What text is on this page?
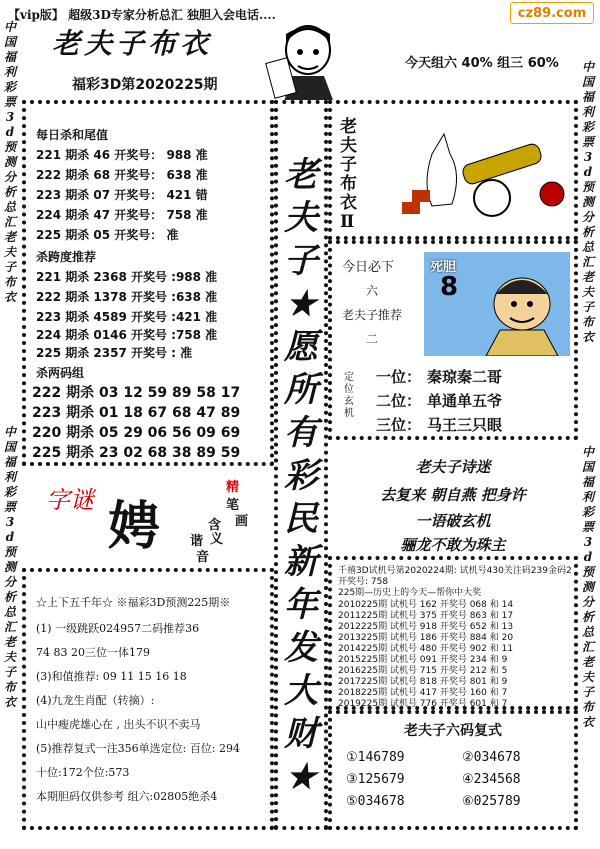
【vip版】 超级3D专家分析总汇 独胆入会电话....	cz89.com
老夫子布衣
福彩3D第2020225期
今天组六 40% 组三 60%
中
国
福
利
彩
票
3
d
预
测
分
析
总
汇
老
夫
子
布
衣
中
国
福
利
彩
票
3
d
预
测
分
析
总
汇
老
夫
子
布
衣
中
国
福
利
彩
票
3
d
预
测
分
析
总
汇
老
夫
子
布
衣
中
国
福
利
彩
票
3
d
预
测
分
析
总
汇
老
夫
子
布
衣
每日杀和尾值
221 期杀 46 开奖号： 988 准
222 期杀 68 开奖号： 638 准
223 期杀 07 开奖号： 421 错
224 期杀 47 开奖号： 758 准
225 期杀 05 开奖号： 准
杀跨度推荐
221 期杀 2368 开奖号 :988 准
222 期杀 1378 开奖号 :638 准
223 期杀 4589 开奖号 :421 准
224 期杀 0146 开奖号 :758 准
225 期杀 2357 开奖号 : 准
杀两码组
222 期杀 03 12 59 89 58 17
223 期杀 01 18 67 68 47 89
220 期杀 05 29 06 56 09 69
225 期杀 23 02 68 38 89 59
字谜 娉
精
笔
画
含
义
谐
音
☆上下五千年☆ ※福彩3D预测225期※
(1) 一级跳跃024957二码推荐36
74 83 20三位一体179
(3)和值推荐: 09 11 15 16 18
(4)九龙生肖配（转摘）:
山中瘦虎雄心在 , 出头不识不卖马
(5)推荐复式一注356单选定位: 百位: 294
十位:172个位:573
本期胆码仅供参考 组六:02805绝杀4
老
夫
子
★
愿
所
有
彩
民
新
年
发
大
财
★
老
夫
子
布
衣
Ⅱ
今日必下
六
老夫子推荐
二
死胆
8
定
位
玄
机
一位： 秦琼秦二哥
二位： 单通单五爷
三位： 马王三只眼
老夫子诗迷
去复来 朝自燕 把身许
一语破玄机
骊龙不敢为珠主
千禧3D试机号第2020224期: 试机号430关注码239金码2
开奖号: 758
225期—历史上的今天—帮你中大奖
2010225期 试机号 162 开奖号 068 和 14
2011225期 试机号 375 开奖号 863 和 17
2012225期 试机号 918 开奖号 652 和 13
2013225期 试机号 186 开奖号 884 和 20
2014225期 试机号 480 开奖号 902 和 11
2015225期 试机号 091 开奖号 234 和 9
2016225期 试机号 715 开奖号 212 和 5
2017225期 试机号 818 开奖号 801 和 9
2018225期 试机号 417 开奖号 160 和 7
2019225期 试机号 776 开奖号 601 和 7
老夫子六码复式
①146789	②034678
③125679	④234568
⑤034678	⑥025789
